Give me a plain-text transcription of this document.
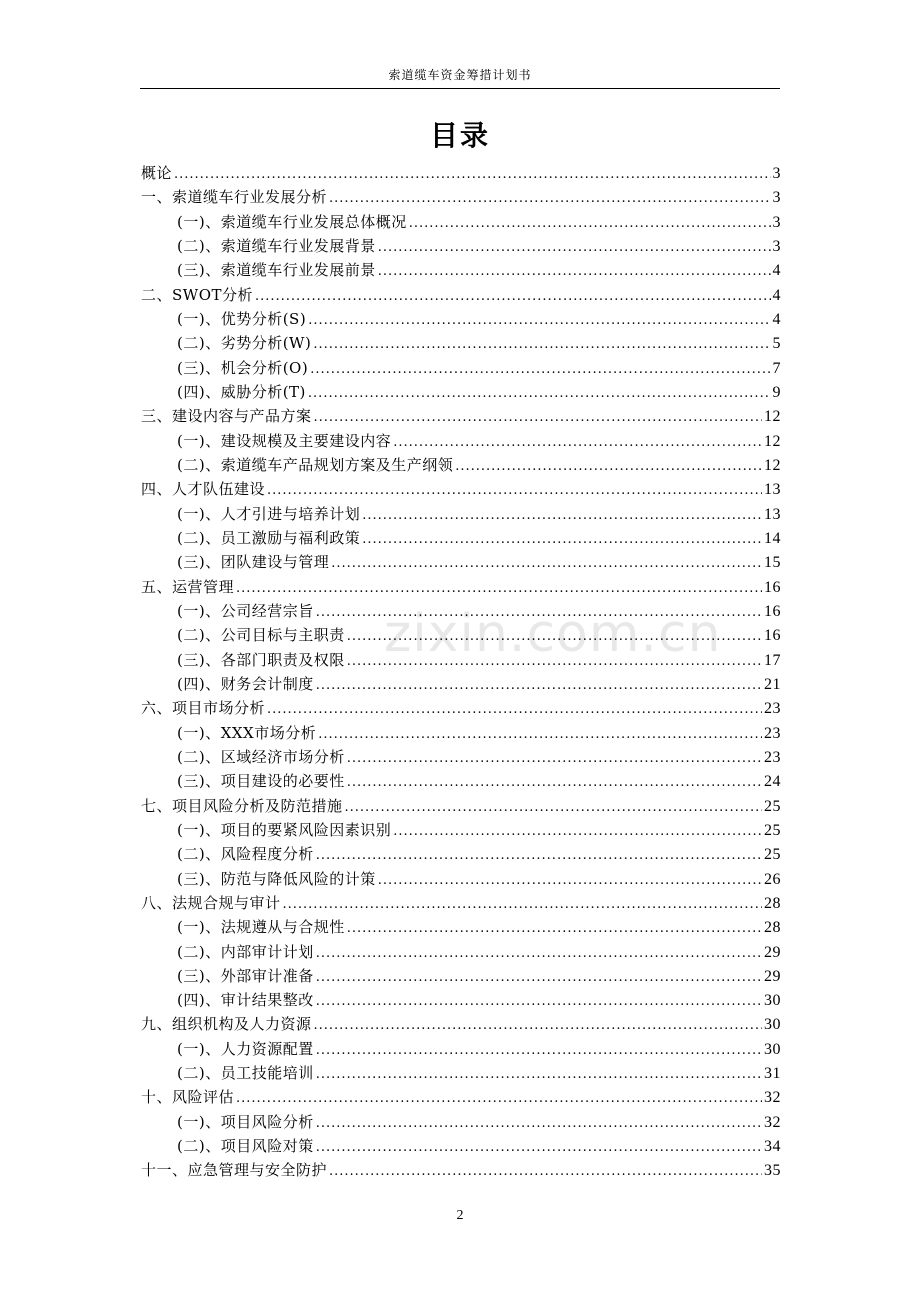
索道缆车资金筹措计划书
目录
概论 .....	3
一、索道缆车行业发展分析 .....	3
(一)、索道缆车行业发展总体概况 .....	3
(二)、索道缆车行业发展背景 .....	3
(三)、索道缆车行业发展前景 .....	4
二、SWOT分析 .....	4
(一)、优势分析(S) .....	4
(二)、劣势分析(W) .....	5
(三)、机会分析(O) .....	7
(四)、威胁分析(T) .....	9
三、建设内容与产品方案 .....	12
(一)、建设规模及主要建设内容 .....	12
(二)、索道缆车产品规划方案及生产纲领 .....	12
四、人才队伍建设 .....	13
(一)、人才引进与培养计划 .....	13
(二)、员工激励与福利政策 .....	14
(三)、团队建设与管理 .....	15
五、运营管理 .....	16
(一)、公司经营宗旨 .....	16
(二)、公司目标与主职责 .....	16
(三)、各部门职责及权限 .....	17
(四)、财务会计制度 .....	21
六、项目市场分析 .....	23
(一)、XXX市场分析 .....	23
(二)、区域经济市场分析 .....	23
(三)、项目建设的必要性 .....	24
七、项目风险分析及防范措施 .....	25
(一)、项目的要紧风险因素识别 .....	25
(二)、风险程度分析 .....	25
(三)、防范与降低风险的计策 .....	26
八、法规合规与审计 .....	28
(一)、法规遵从与合规性 .....	28
(二)、内部审计计划 .....	29
(三)、外部审计准备 .....	29
(四)、审计结果整改 .....	30
九、组织机构及人力资源 .....	30
(一)、人力资源配置 .....	30
(二)、员工技能培训 .....	31
十、风险评估 .....	32
(一)、项目风险分析 .....	32
(二)、项目风险对策 .....	34
十一、应急管理与安全防护 .....	35
zixin.com.cn
2
